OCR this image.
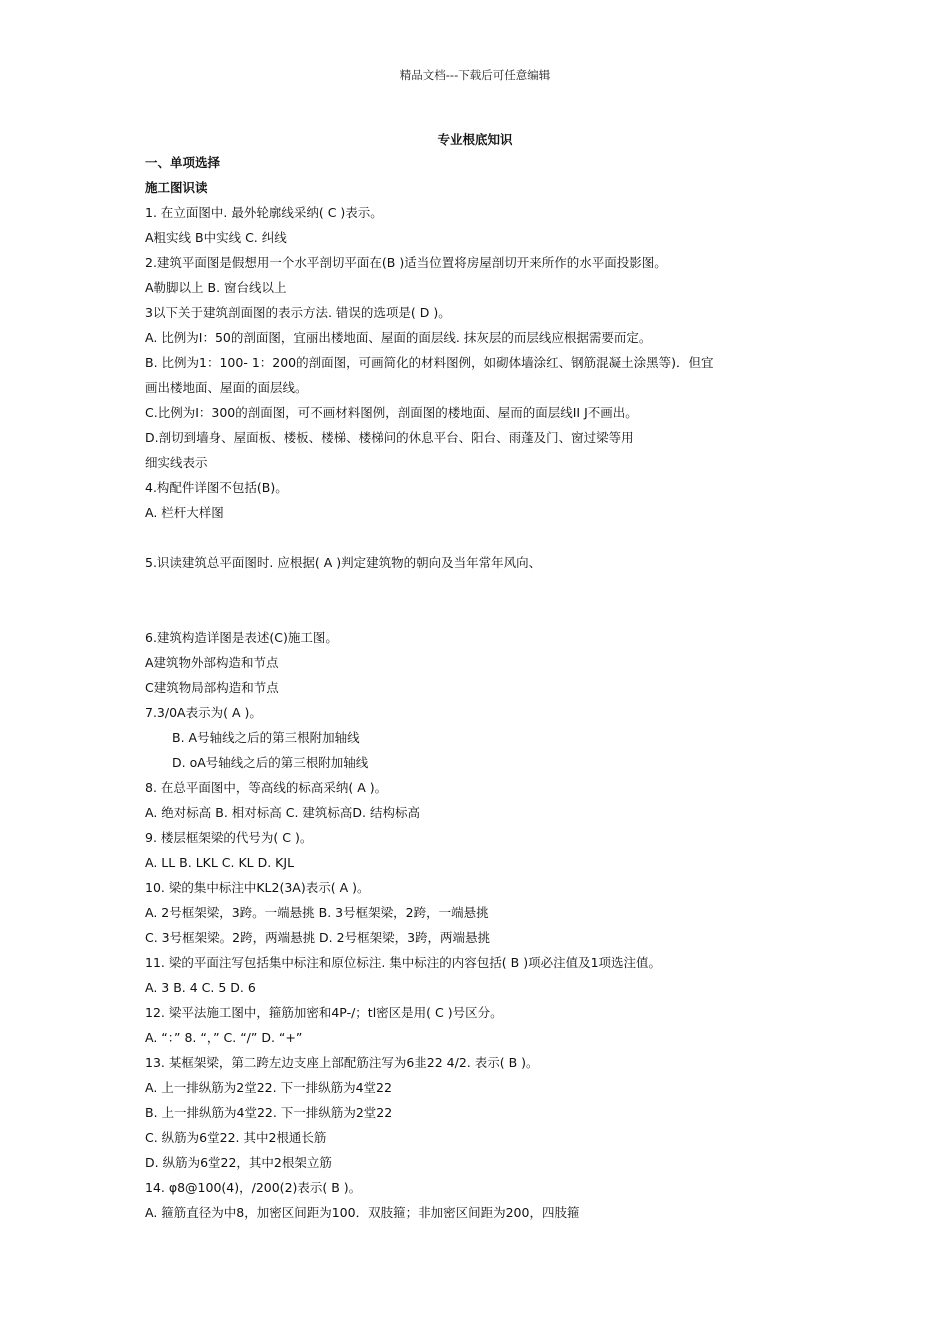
精品文档---下载后可任意编辑
专业根底知识
一、单项选择
施工图识读
1. 在立面图中. 最外轮廓线采纳( C )表示。
A粗实线 B中实线 C. 纠线
2.建筑平面图是假想用一个水平剖切平面在(B )适当位置将房屋剖切开来所作的水平面投影图。
A勒脚以上 B. 窗台线以上
3以下关于建筑剖面图的表示方法. 错误的选项是( D )。
A. 比例为I：50的剖面图，宜丽出楼地面、屋面的面层线. 抹灰层的而层线应根据需要而定。
B. 比例为1：100- 1：200的剖面图，可画简化的材料图例，如砌体墙涂红、钢筋混凝土涂黑等)．但宜
画出楼地面、屋面的面层线。
C.比例为I：300的剖面图，可不画材料图例，剖面图的楼地面、屋而的面层线II J不画出。
D.剖切到墙身、屋面板、楼板、楼梯、楼梯问的休息平台、阳台、雨蓬及门、窗过梁等用
细实线表示
4.构配件详图不包括(B)。
A. 栏杆大样图
5.识读建筑总平面图时. 应根据( A )判定建筑物的朝向及当年常年风向、
6.建筑构造详图是表述(C)施工图。
A建筑物外部构造和节点
C建筑物局部构造和节点
7.3/0A表示为( A )。
B. A号轴线之后的第三根附加轴线
D. oA号轴线之后的第三根附加轴线
8. 在总平面图中，等高线的标高采纳( A )。
A. 绝对标高 B. 相对标高 C. 建筑标高D. 结构标高
9. 楼层框架梁的代号为( C )。
A. LL B. LKL C. KL D. KJL
10. 梁的集中标注中KL2(3A)表示( A )。
A. 2号框架梁，3跨。一端悬挑 B. 3号框架梁，2跨，一端悬挑
C. 3号框架梁。2跨，两端悬挑 D. 2号框架梁，3跨，两端悬挑
11. 梁的平面注写包括集中标注和原位标注. 集中标注的内容包括( B )项必注值及1项选注值。
A. 3 B. 4 C. 5 D. 6
12. 梁平法施工图中，箍筋加密和4P-/；tl密区是用( C )号区分。
A. “：” 8. “，” C. “/” D. “+”
13. 某框架梁，第二跨左边支座上部配筋注写为6韭22 4/2. 表示( B )。
A. 上一排纵筋为2堂22. 下一排纵筋为4堂22
B. 上一排纵筋为4堂22. 下一排纵筋为2堂22
C. 纵筋为6堂22. 其中2根通长筋
D. 纵筋为6堂22，其中2根架立筋
14. φ8@100(4)，/200(2)表示( B )。
A. 箍筋直径为中8，加密区间距为100．双肢箍；非加密区间距为200，四肢箍
